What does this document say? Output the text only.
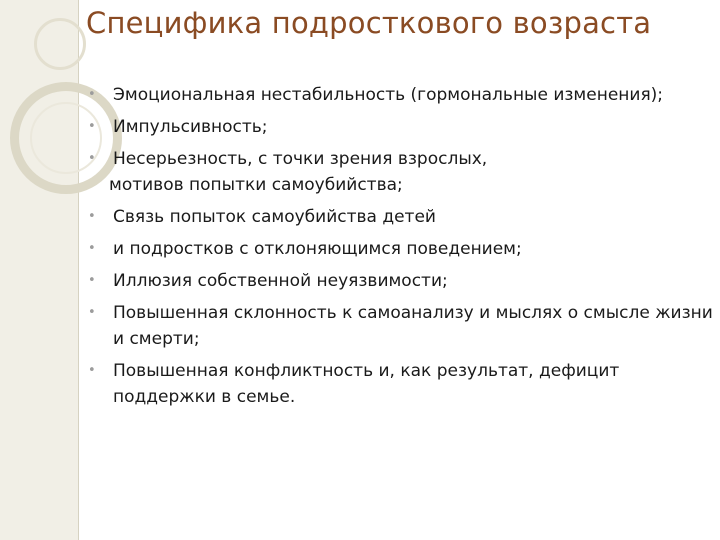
Специфика подросткового возраста
• Эмоциональная нестабильность (гормональные изменения);
• Импульсивность;
• Несерьезность, с точки зрения взрослых,
мотивов попытки самоубийства;
• Связь попыток самоубийства детей
• и подростков с отклоняющимся поведением;
• Иллюзия собственной неуязвимости;
• Повышенная склонность к самоанализу и мыслях о смысле жизни и смерти;
• Повышенная конфликтность и, как результат, дефицит поддержки в семье.
